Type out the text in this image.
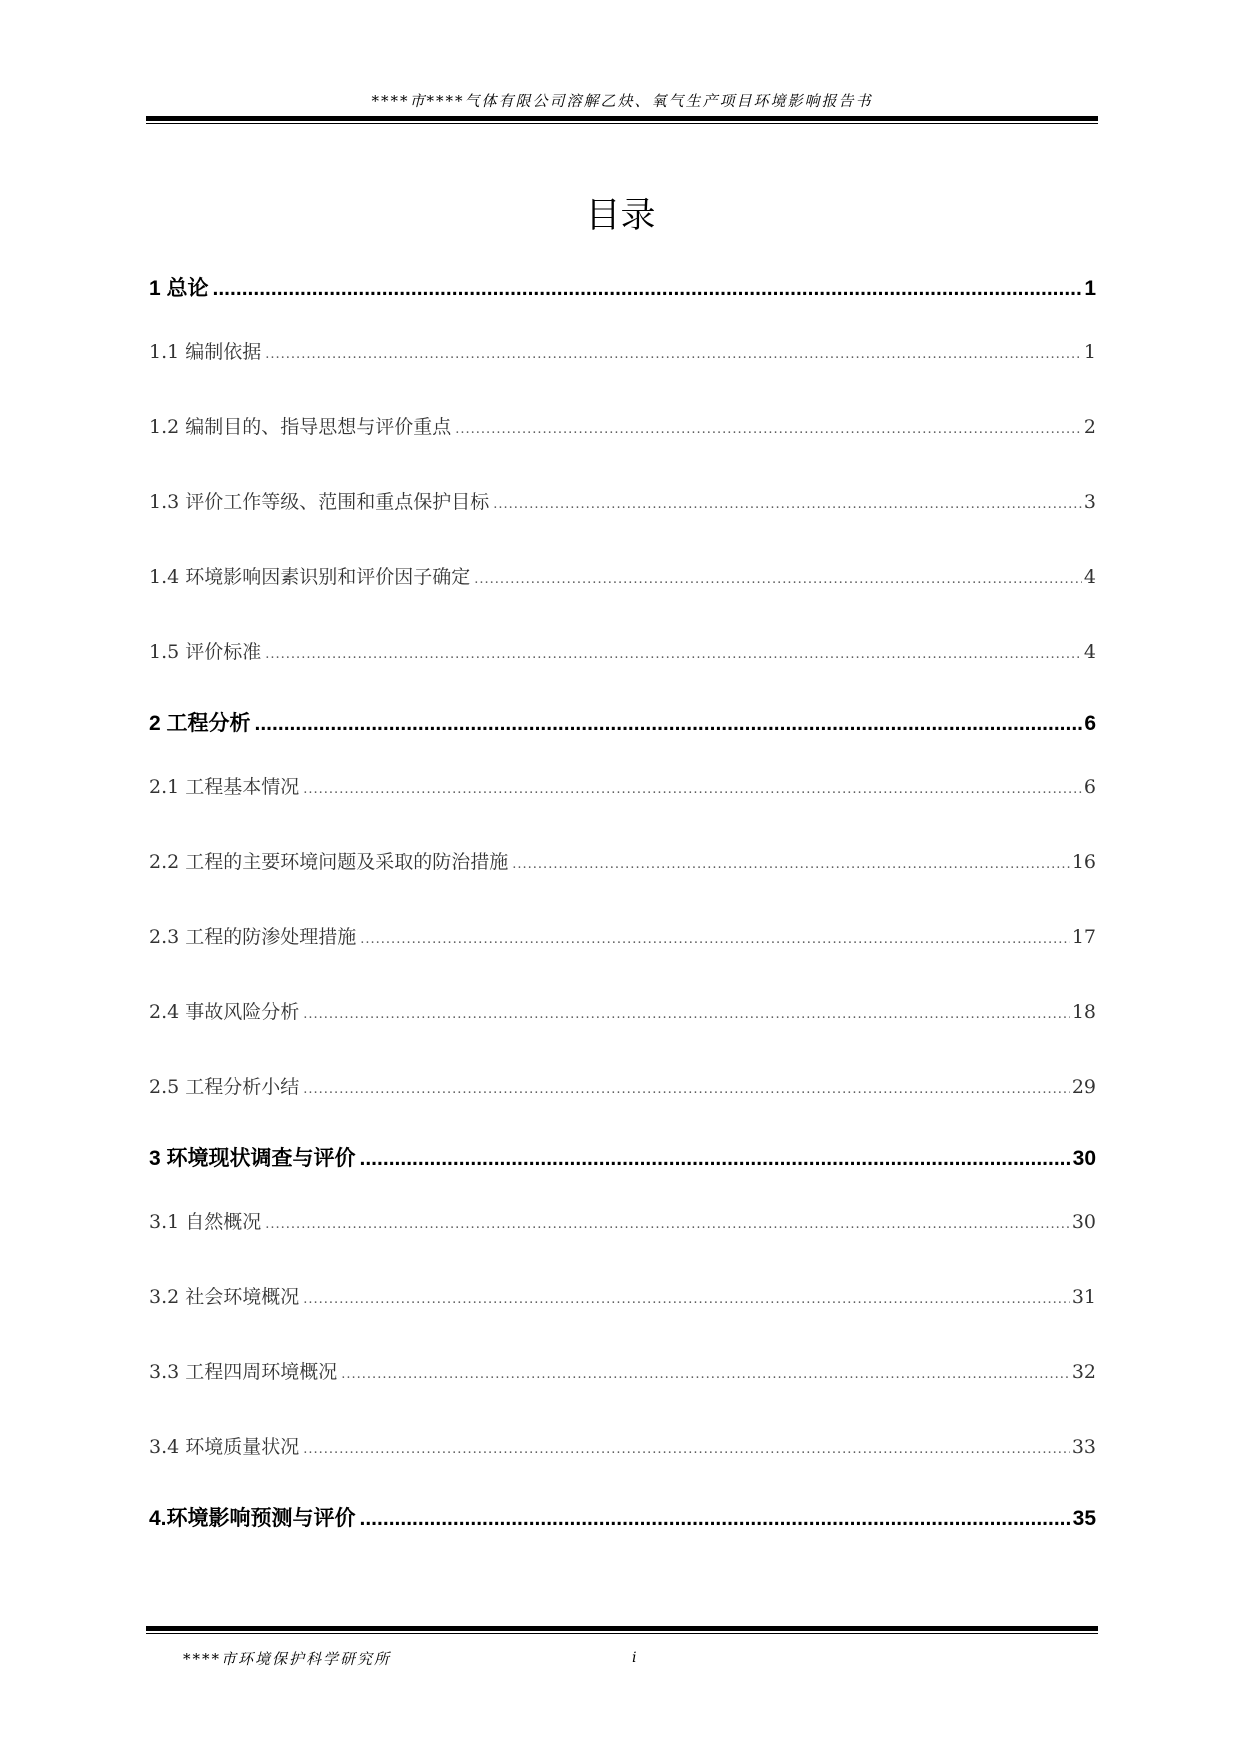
****市****气体有限公司溶解乙炔、氧气生产项目环境影响报告书
目录
1 总论 .....	1
1.1 编制依据 .....	1
1.2 编制目的、指导思想与评价重点 .....	2
1.3 评价工作等级、范围和重点保护目标 .....	3
1.4 环境影响因素识别和评价因子确定 .....	4
1.5 评价标准 .....	4
2 工程分析 .....	6
2.1 工程基本情况 .....	6
2.2 工程的主要环境问题及采取的防治措施 .....	16
2.3 工程的防渗处理措施 .....	17
2.4 事故风险分析 .....	18
2.5 工程分析小结 .....	29
3 环境现状调查与评价 .....	30
3.1 自然概况 .....	30
3.2 社会环境概况 .....	31
3.3 工程四周环境概况 .....	32
3.4 环境质量状况 .....	33
4.环境影响预测与评价 .....	35
****市环境保护科学研究所	i
